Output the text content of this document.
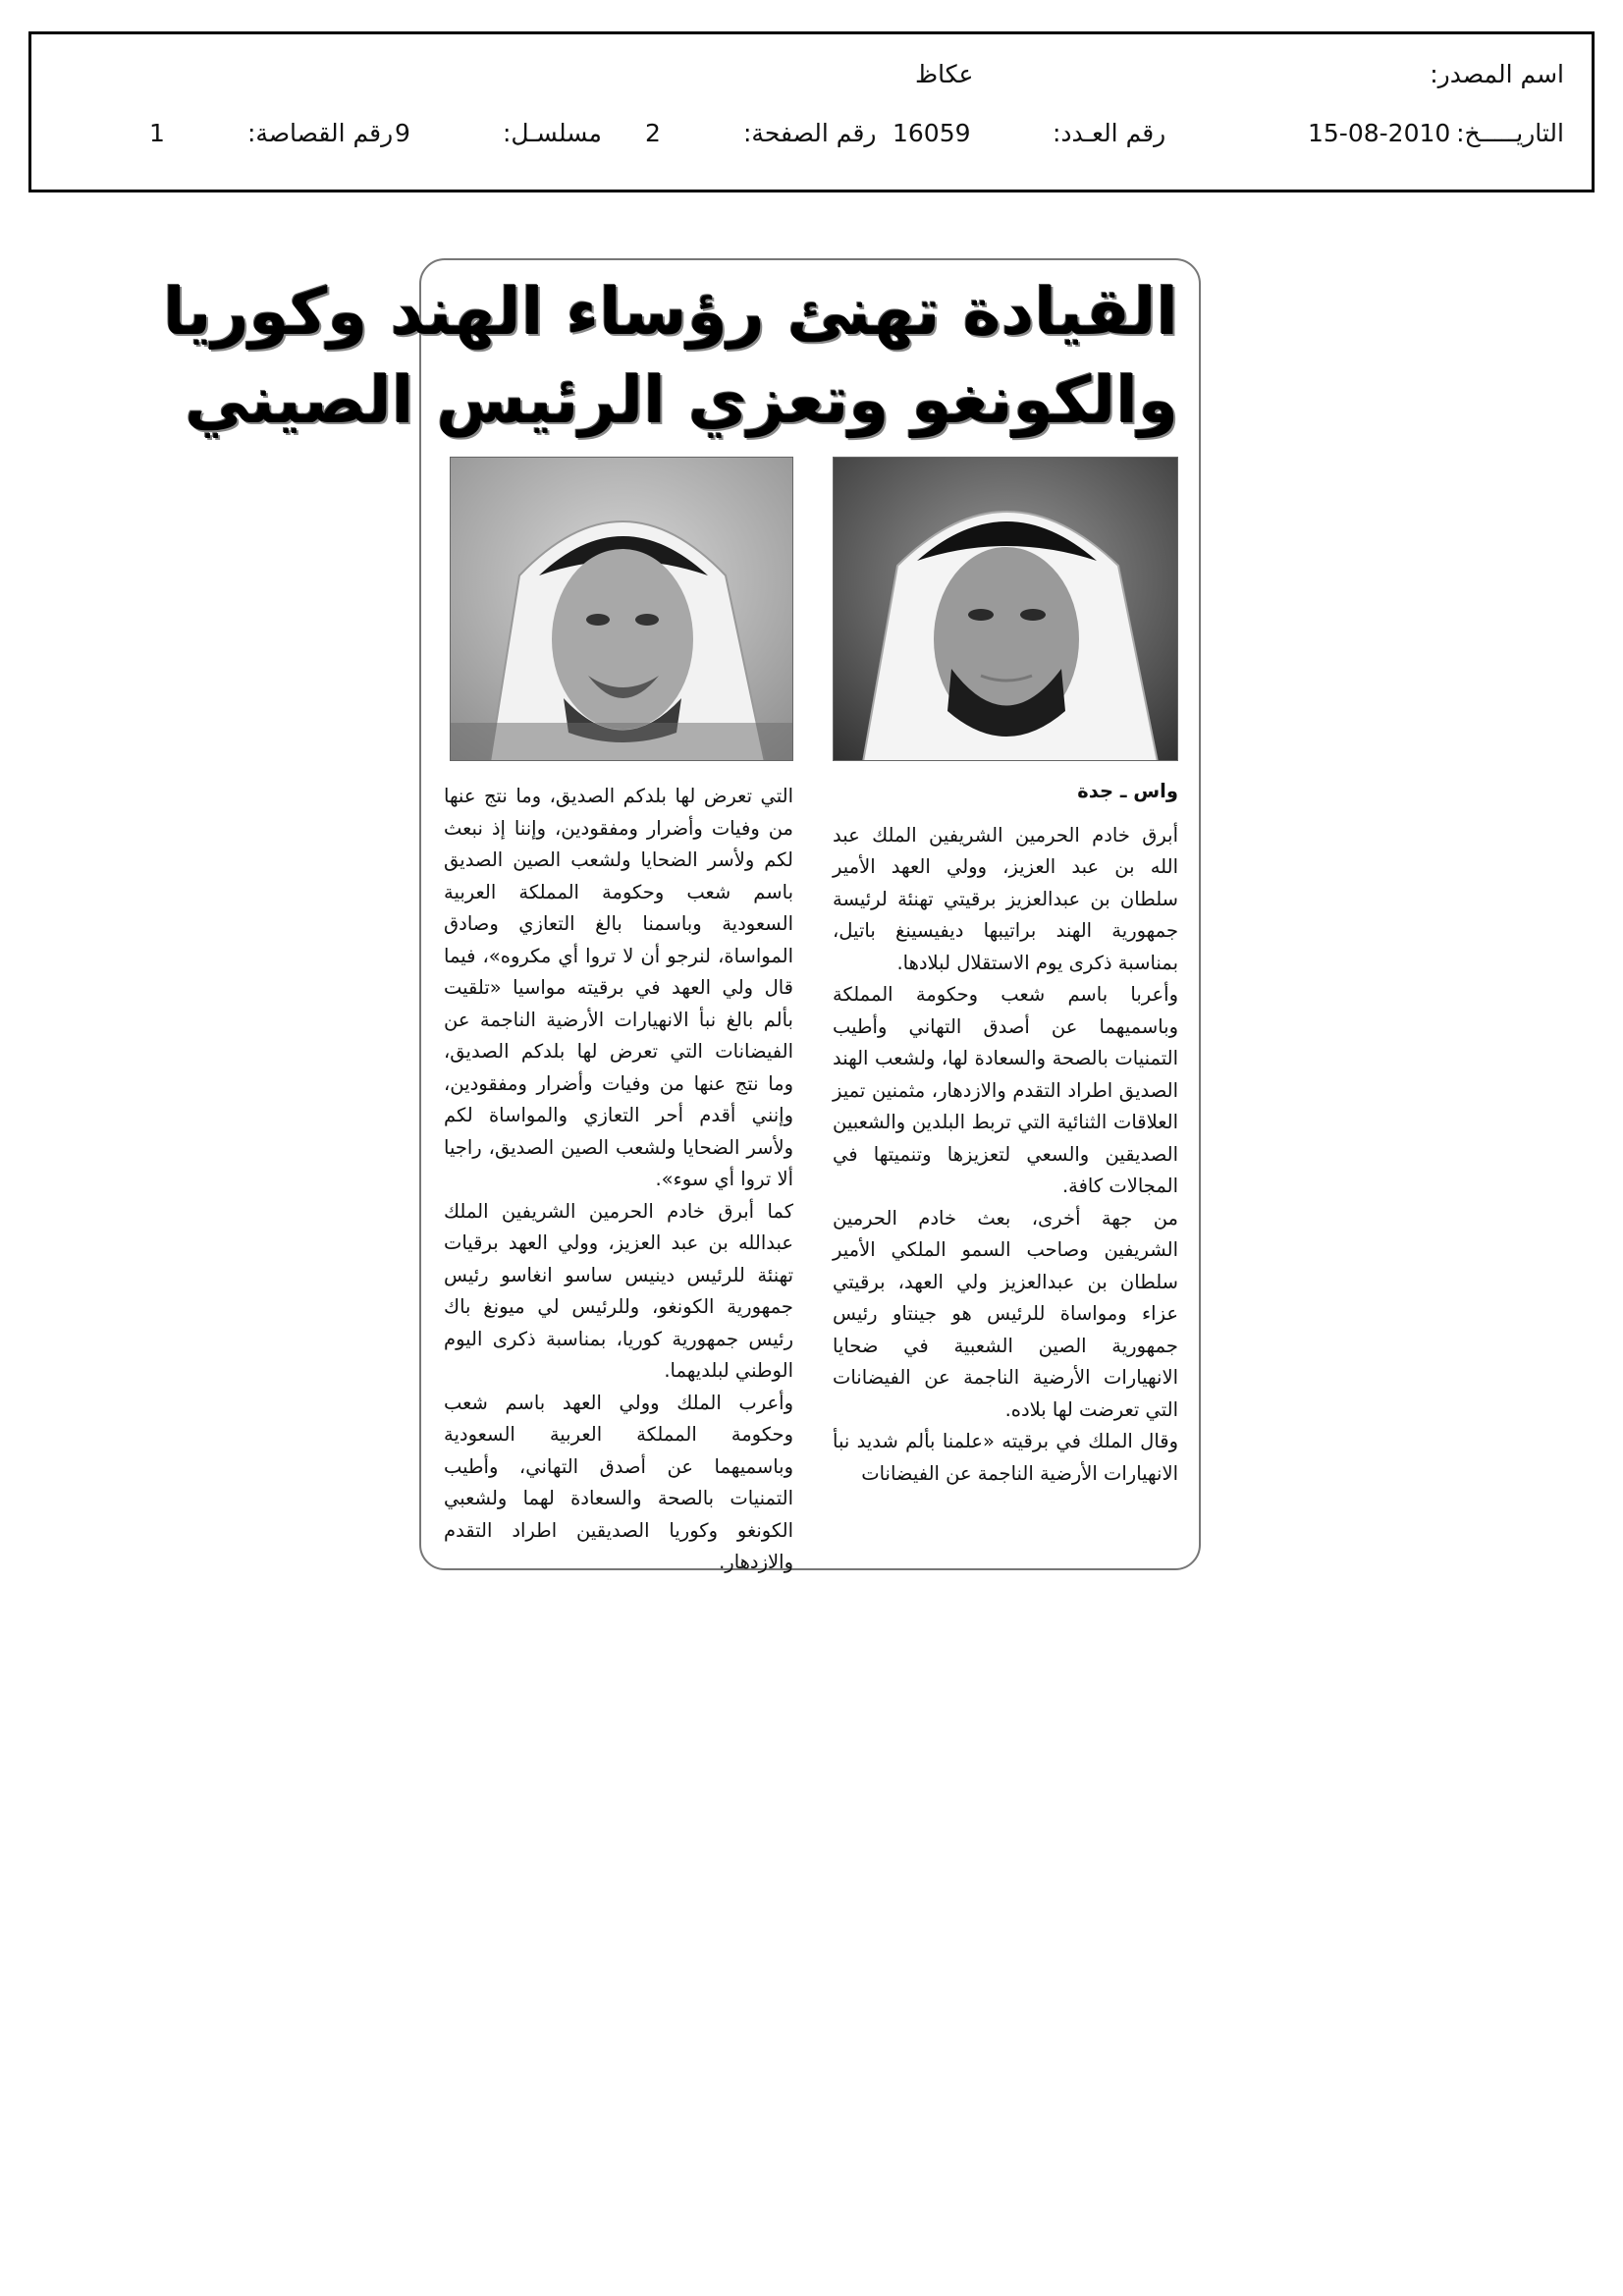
اسم المصدر:
عكاظ
التاريـــــخ:
15-08-2010
رقم العـدد:
16059
رقم الصفحة:
2
مسلسـل:
9
رقم القصاصة:
1
القيادة تهنئ رؤساء الهند وكوريا
والكونغو وتعزي الرئيس الصيني

واس ـ جدة

أبرق خادم الحرمين الشريفين الملك عبد الله بن عبد العزيز، وولي العهد الأمير سلطان بن عبدالعزيز برقيتي تهنئة لرئيسة جمهورية الهند براتيبها ديفيسينغ باتيل، بمناسبة ذكرى يوم الاستقلال لبلادها.

وأعربا باسم شعب وحكومة المملكة وباسميهما عن أصدق التهاني وأطيب التمنيات بالصحة والسعادة لها، ولشعب الهند الصديق اطراد التقدم والازدهار، مثمنين تميز العلاقات الثنائية التي تربط البلدين والشعبين الصديقين والسعي لتعزيزها وتنميتها في المجالات كافة.

من جهة أخرى، بعث خادم الحرمين الشريفين وصاحب السمو الملكي الأمير سلطان بن عبدالعزيز ولي العهد، برقيتي عزاء ومواساة للرئيس هو جينتاو رئيس جمهورية الصين الشعبية في ضحايا الانهيارات الأرضية الناجمة عن الفيضانات التي تعرضت لها بلاده.

وقال الملك في برقيته «علمنا بألم شديد نبأ الانهيارات الأرضية الناجمة عن الفيضانات

التي تعرض لها بلدكم الصديق، وما نتج عنها من وفيات وأضرار ومفقودين، وإننا إذ نبعث لكم ولأسر الضحايا ولشعب الصين الصديق باسم شعب وحكومة المملكة العربية السعودية وباسمنا بالغ التعازي وصادق المواساة، لنرجو أن لا تروا أي مكروه»، فيما قال ولي العهد في برقيته مواسيا «تلقيت بألم بالغ نبأ الانهيارات الأرضية الناجمة عن الفيضانات التي تعرض لها بلدكم الصديق، وما نتج عنها من وفيات وأضرار ومفقودين، وإنني أقدم أحر التعازي والمواساة لكم ولأسر الضحايا ولشعب الصين الصديق، راجيا ألا تروا أي سوء».

كما أبرق خادم الحرمين الشريفين الملك عبدالله بن عبد العزيز، وولي العهد برقيات تهنئة للرئيس دينيس ساسو انغاسو رئيس جمهورية الكونغو، وللرئيس لي ميونغ باك رئيس جمهورية كوريا، بمناسبة ذكرى اليوم الوطني لبلديهما.

وأعرب الملك وولي العهد باسم شعب وحكومة المملكة العربية السعودية وباسميهما عن أصدق التهاني، وأطيب التمنيات بالصحة والسعادة لهما ولشعبي الكونغو وكوريا الصديقين اطراد التقدم والازدهار.
